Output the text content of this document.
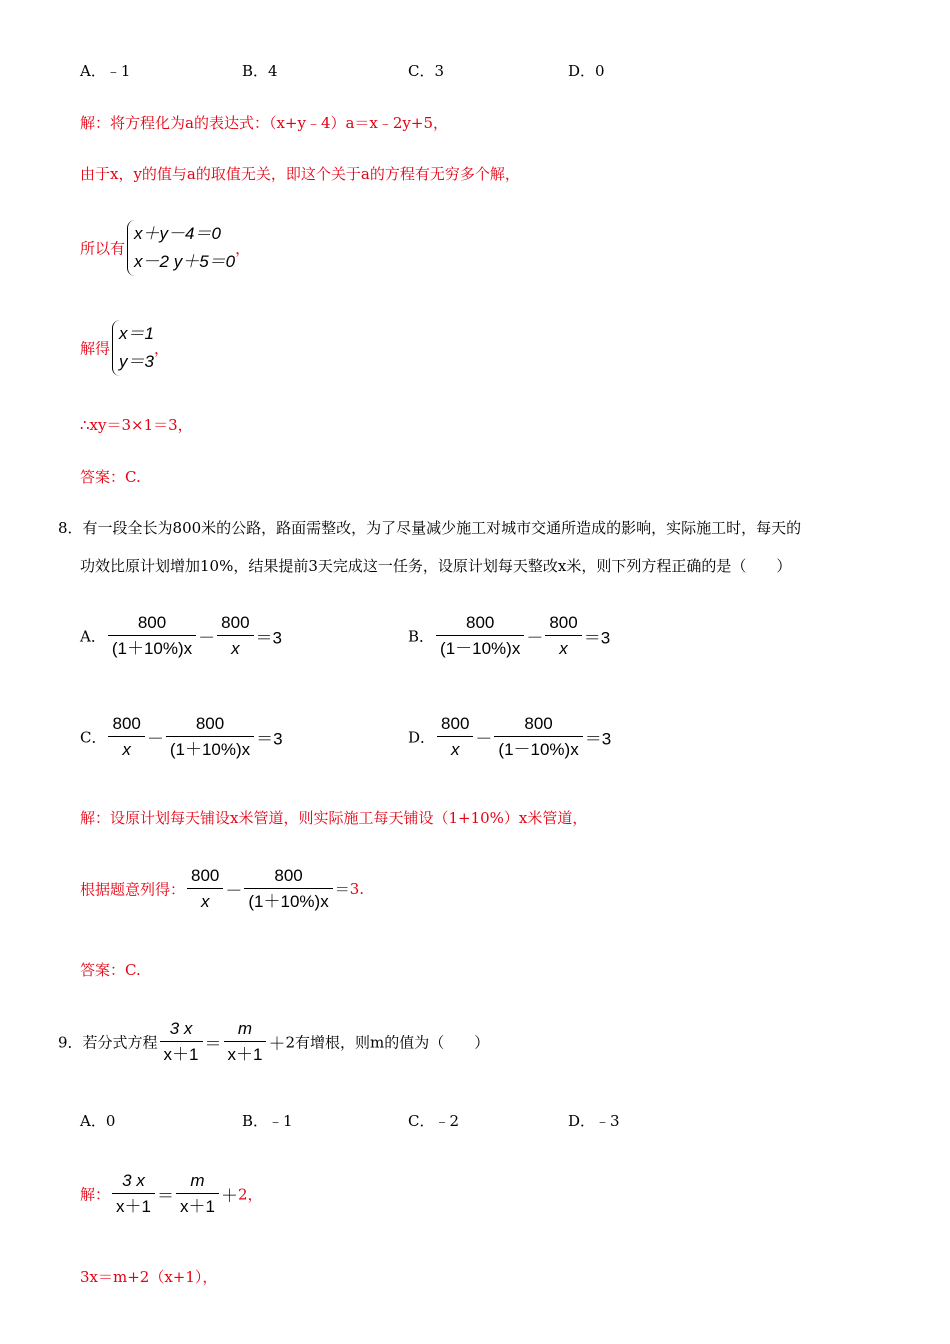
A．﹣1	B．4	C．3	D．0
解：将方程化为a的表达式：（x+y﹣4）a＝x﹣2y+5，
由于x，y的值与a的取值无关，即这个关于a的方程有无穷多个解，
所以有
x＋y－4＝0
x－2 y＋5＝0
，
解得
x＝1
y＝3
，
∴xy＝3×1＝3，
答案：C.
8．有一段全长为800米的公路，路面需整改，为了尽量减少施工对城市交通所造成的影响，实际施工时，每天的
功效比原计划增加10%，结果提前3天完成这一任务，设原计划每天整改x米，则下列方程正确的是（　　）
A． $\frac{800}{(1+10\%)x} - \frac{800}{x} =3$	B． $\frac{800}{(1-10\%)x} - \frac{800}{x} =3$
C． $\frac{800}{x} - \frac{800}{(1+10\%)x} =3$	D． $\frac{800}{x} - \frac{800}{(1-10\%)x} =3$
解：设原计划每天铺设x米管道，则实际施工每天铺设（1+10%）x米管道，
根据题意列得： $\frac{800}{x} - \frac{800}{(1+10\%)x} =3$.
答案：C.
9．若分式方程 $\frac{3 x}{x+1} = \frac{m}{x+1} +2$有增根，则m的值为（　　）
A．0	B．﹣1	C．﹣2	D．﹣3
解： $\frac{3 x}{x+1} = \frac{m}{x+1} +2$，
3x＝m+2（x+1），
